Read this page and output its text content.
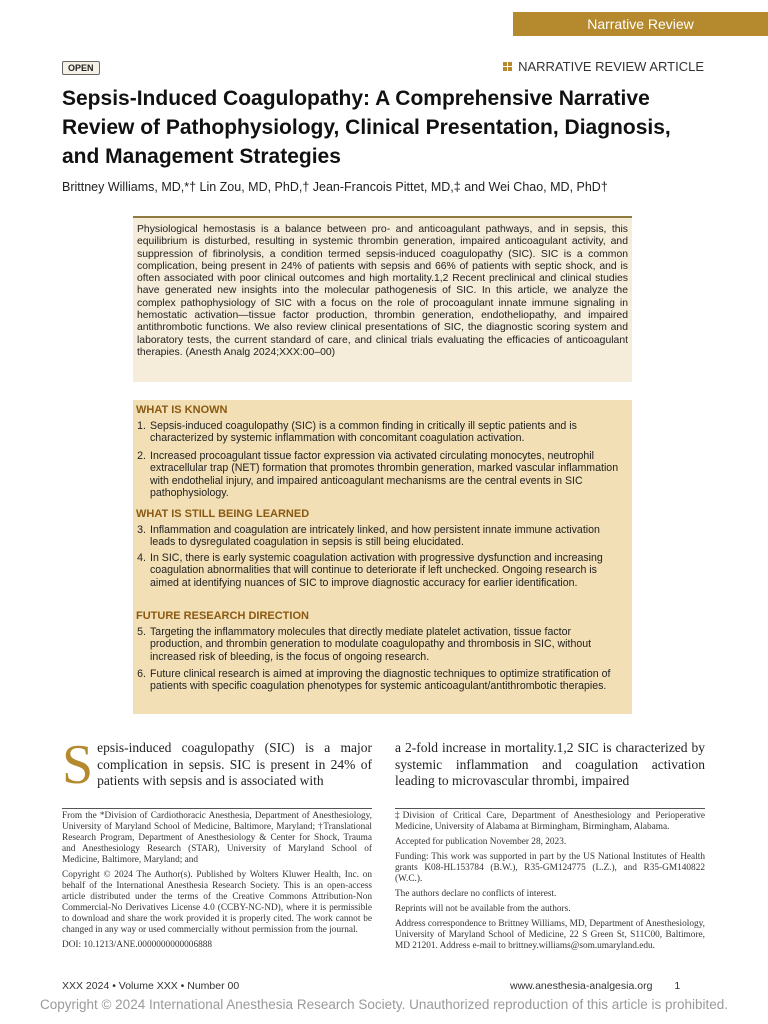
Narrative Review
OPEN	NARRATIVE REVIEW ARTICLE
Sepsis-Induced Coagulopathy: A Comprehensive Narrative Review of Pathophysiology, Clinical Presentation, Diagnosis, and Management Strategies
Brittney Williams, MD,*† Lin Zou, MD, PhD,† Jean-Francois Pittet, MD,‡ and Wei Chao, MD, PhD†

Physiological hemostasis is a balance between pro- and anticoagulant pathways, and in sepsis, this equilibrium is disturbed, resulting in systemic thrombin generation, impaired anticoagulant activity, and suppression of fibrinolysis, a condition termed sepsis-induced coagulopathy (SIC). SIC is a common complication, being present in 24% of patients with sepsis and 66% of patients with septic shock, and is often associated with poor clinical outcomes and high mortality.1,2 Recent preclinical and clinical studies have generated new insights into the molecular pathogenesis of SIC. In this article, we analyze the complex pathophysiology of SIC with a focus on the role of procoagulant innate immune signaling in hemostatic activation—tissue factor production, thrombin generation, endotheliopathy, and impaired antithrombotic functions. We also review clinical presentations of SIC, the diagnostic scoring system and laboratory tests, the current standard of care, and clinical trials evaluating the efficacies of anticoagulant therapies. (Anesth Analg 2024;XXX:00–00)

WHAT IS KNOWN
1. Sepsis-induced coagulopathy (SIC) is a common finding in critically ill septic patients and is characterized by systemic inflammation with concomitant coagulation activation.
2. Increased procoagulant tissue factor expression via activated circulating monocytes, neutrophil extracellular trap (NET) formation that promotes thrombin generation, marked vascular inflammation with endothelial injury, and impaired anticoagulant mechanisms are the central events in SIC pathophysiology.
WHAT IS STILL BEING LEARNED
3. Inflammation and coagulation are intricately linked, and how persistent innate immune activation leads to dysregulated coagulation in sepsis is still being elucidated.
4. In SIC, there is early systemic coagulation activation with progressive dysfunction and increasing coagulation abnormalities that will continue to deteriorate if left unchecked. Ongoing research is aimed at identifying nuances of SIC to improve diagnostic accuracy for earlier identification.
FUTURE RESEARCH DIRECTION
5. Targeting the inflammatory molecules that directly mediate platelet activation, tissue factor production, and thrombin generation to modulate coagulopathy and thrombosis in SIC, without increased risk of bleeding, is the focus of ongoing research.
6. Future clinical research is aimed at improving the diagnostic techniques to optimize stratification of patients with specific coagulation phenotypes for systemic anticoagulant/antithrombotic therapies.
Sepsis-induced coagulopathy (SIC) is a major complication in sepsis. SIC is present in 24% of patients with sepsis and is associated with
a 2-fold increase in mortality.1,2 SIC is characterized by systemic inflammation and coagulation activation leading to microvascular thrombi, impaired

From the *Division of Cardiothoracic Anesthesia, Department of Anesthesiology, University of Maryland School of Medicine, Baltimore, Maryland; †Translational Research Program, Department of Anesthesiology & Center for Shock, Trauma and Anesthesiology Research (STAR), University of Maryland School of Medicine, Baltimore, Maryland; and

Copyright © 2024 The Author(s). Published by Wolters Kluwer Health, Inc. on behalf of the International Anesthesia Research Society. This is an open-access article distributed under the terms of the Creative Commons Attribution-Non Commercial-No Derivatives License 4.0 (CCBY-NC-ND), where it is permissible to download and share the work provided it is properly cited. The work cannot be changed in any way or used commercially without permission from the journal.

DOI: 10.1213/ANE.0000000000006888

‡Division of Critical Care, Department of Anesthesiology and Perioperative Medicine, University of Alabama at Birmingham, Birmingham, Alabama.

Accepted for publication November 28, 2023.

Funding: This work was supported in part by the US National Institutes of Health grants K08-HL153784 (B.W.), R35-GM124775 (L.Z.), and R35-GM140822 (W.C.).

The authors declare no conflicts of interest.

Reprints will not be available from the authors.

Address correspondence to Brittney Williams, MD, Department of Anesthesiology, University of Maryland School of Medicine, 22 S Green St, S11C00, Baltimore, MD 21201. Address e-mail to brittney.williams@som.umaryland.edu.

XXX 2024 • Volume XXX • Number 00	www.anesthesia-analgesia.org 1
Copyright © 2024 International Anesthesia Research Society. Unauthorized reproduction of this article is prohibited.
